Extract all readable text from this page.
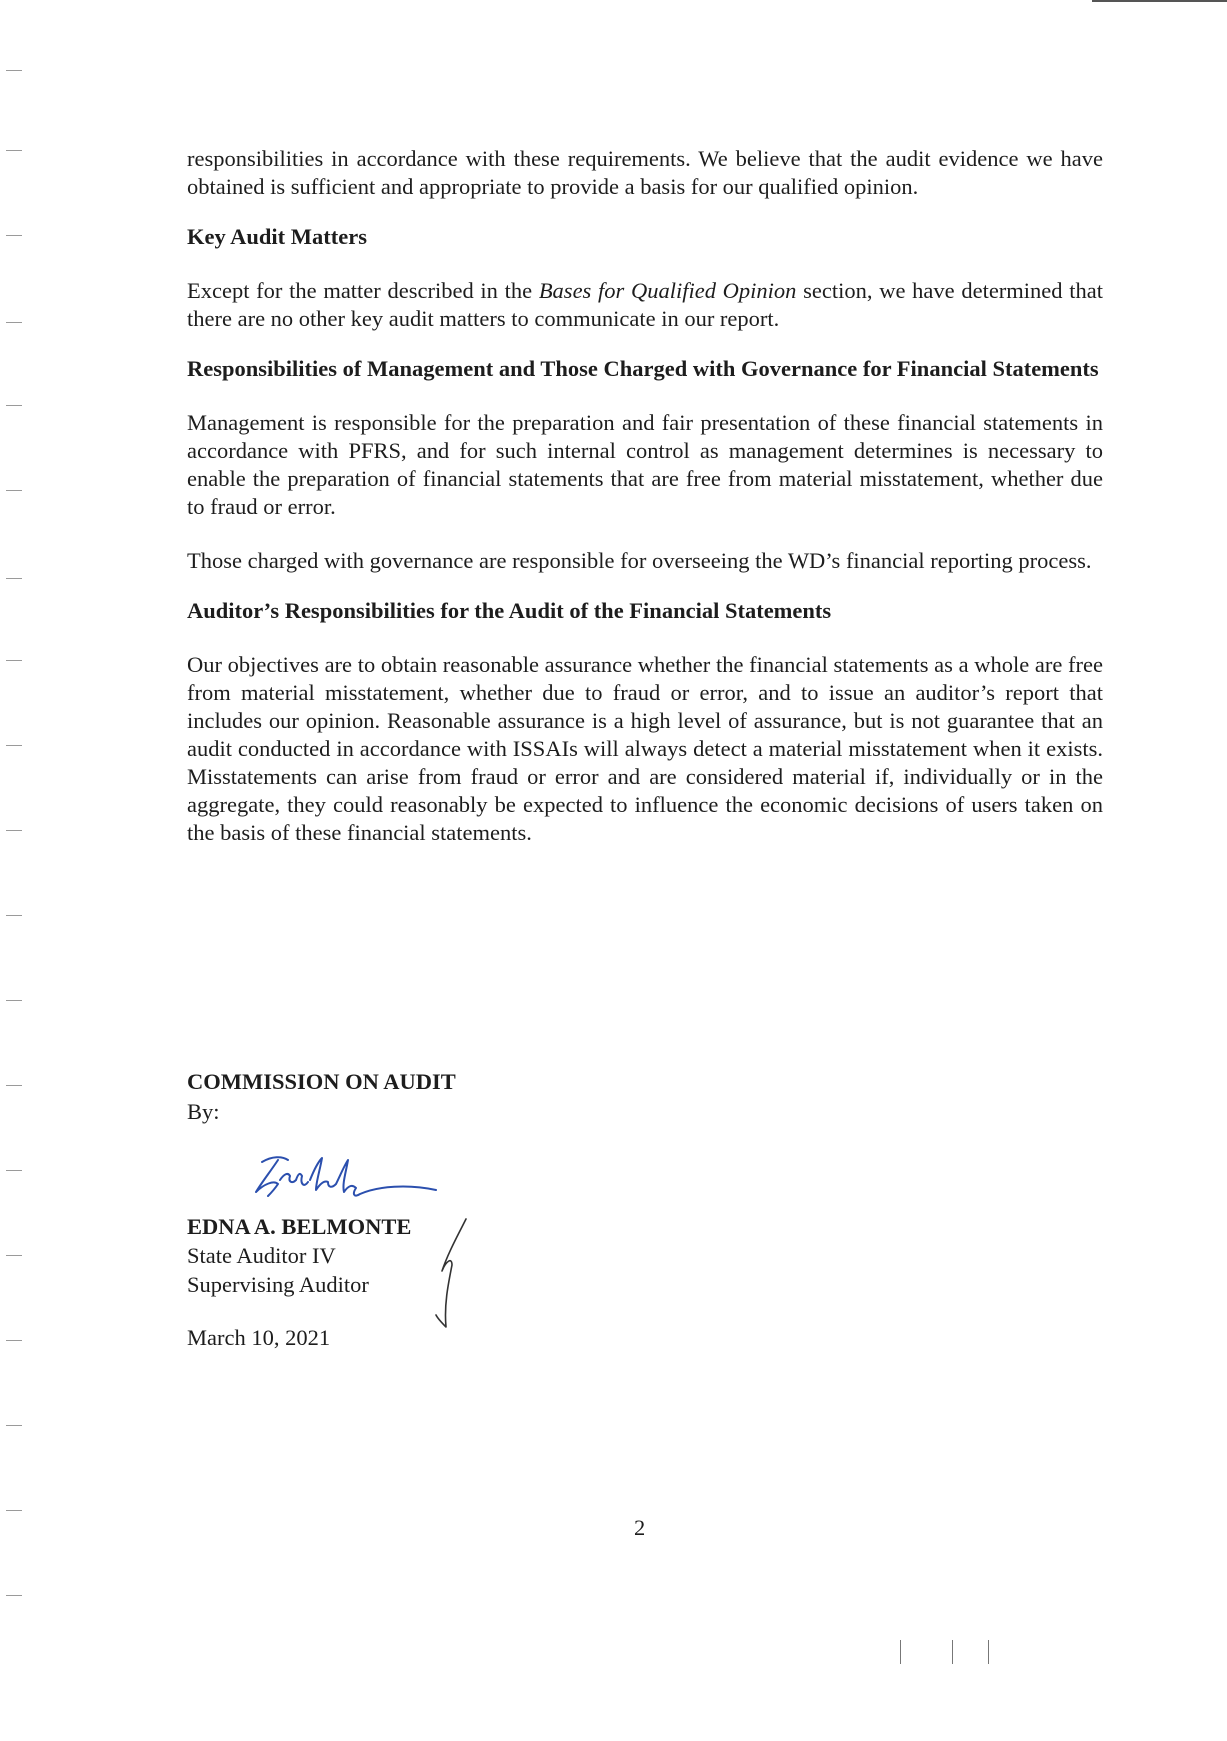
responsibilities in accordance with these requirements. We believe that the audit evidence we have obtained is sufficient and appropriate to provide a basis for our qualified opinion.

Key Audit Matters

Except for the matter described in the Bases for Qualified Opinion section, we have determined that there are no other key audit matters to communicate in our report.

Responsibilities of Management and Those Charged with Governance for Financial Statements

Management is responsible for the preparation and fair presentation of these financial statements in accordance with PFRS, and for such internal control as management determines is necessary to enable the preparation of financial statements that are free from material misstatement, whether due to fraud or error.

Those charged with governance are responsible for overseeing the WD’s financial reporting process.

Auditor’s Responsibilities for the Audit of the Financial Statements

Our objectives are to obtain reasonable assurance whether the financial statements as a whole are free from material misstatement, whether due to fraud or error, and to issue an auditor’s report that includes our opinion. Reasonable assurance is a high level of assurance, but is not guarantee that an audit conducted in accordance with ISSAIs will always detect a material misstatement when it exists. Misstatements can arise from fraud or error and are considered material if, individually or in the aggregate, they could reasonably be expected to influence the economic decisions of users taken on the basis of these financial statements.

COMMISSION ON AUDIT
By:
EDNA A. BELMONTE
State Auditor IV
Supervising Auditor
March 10, 2021
2
